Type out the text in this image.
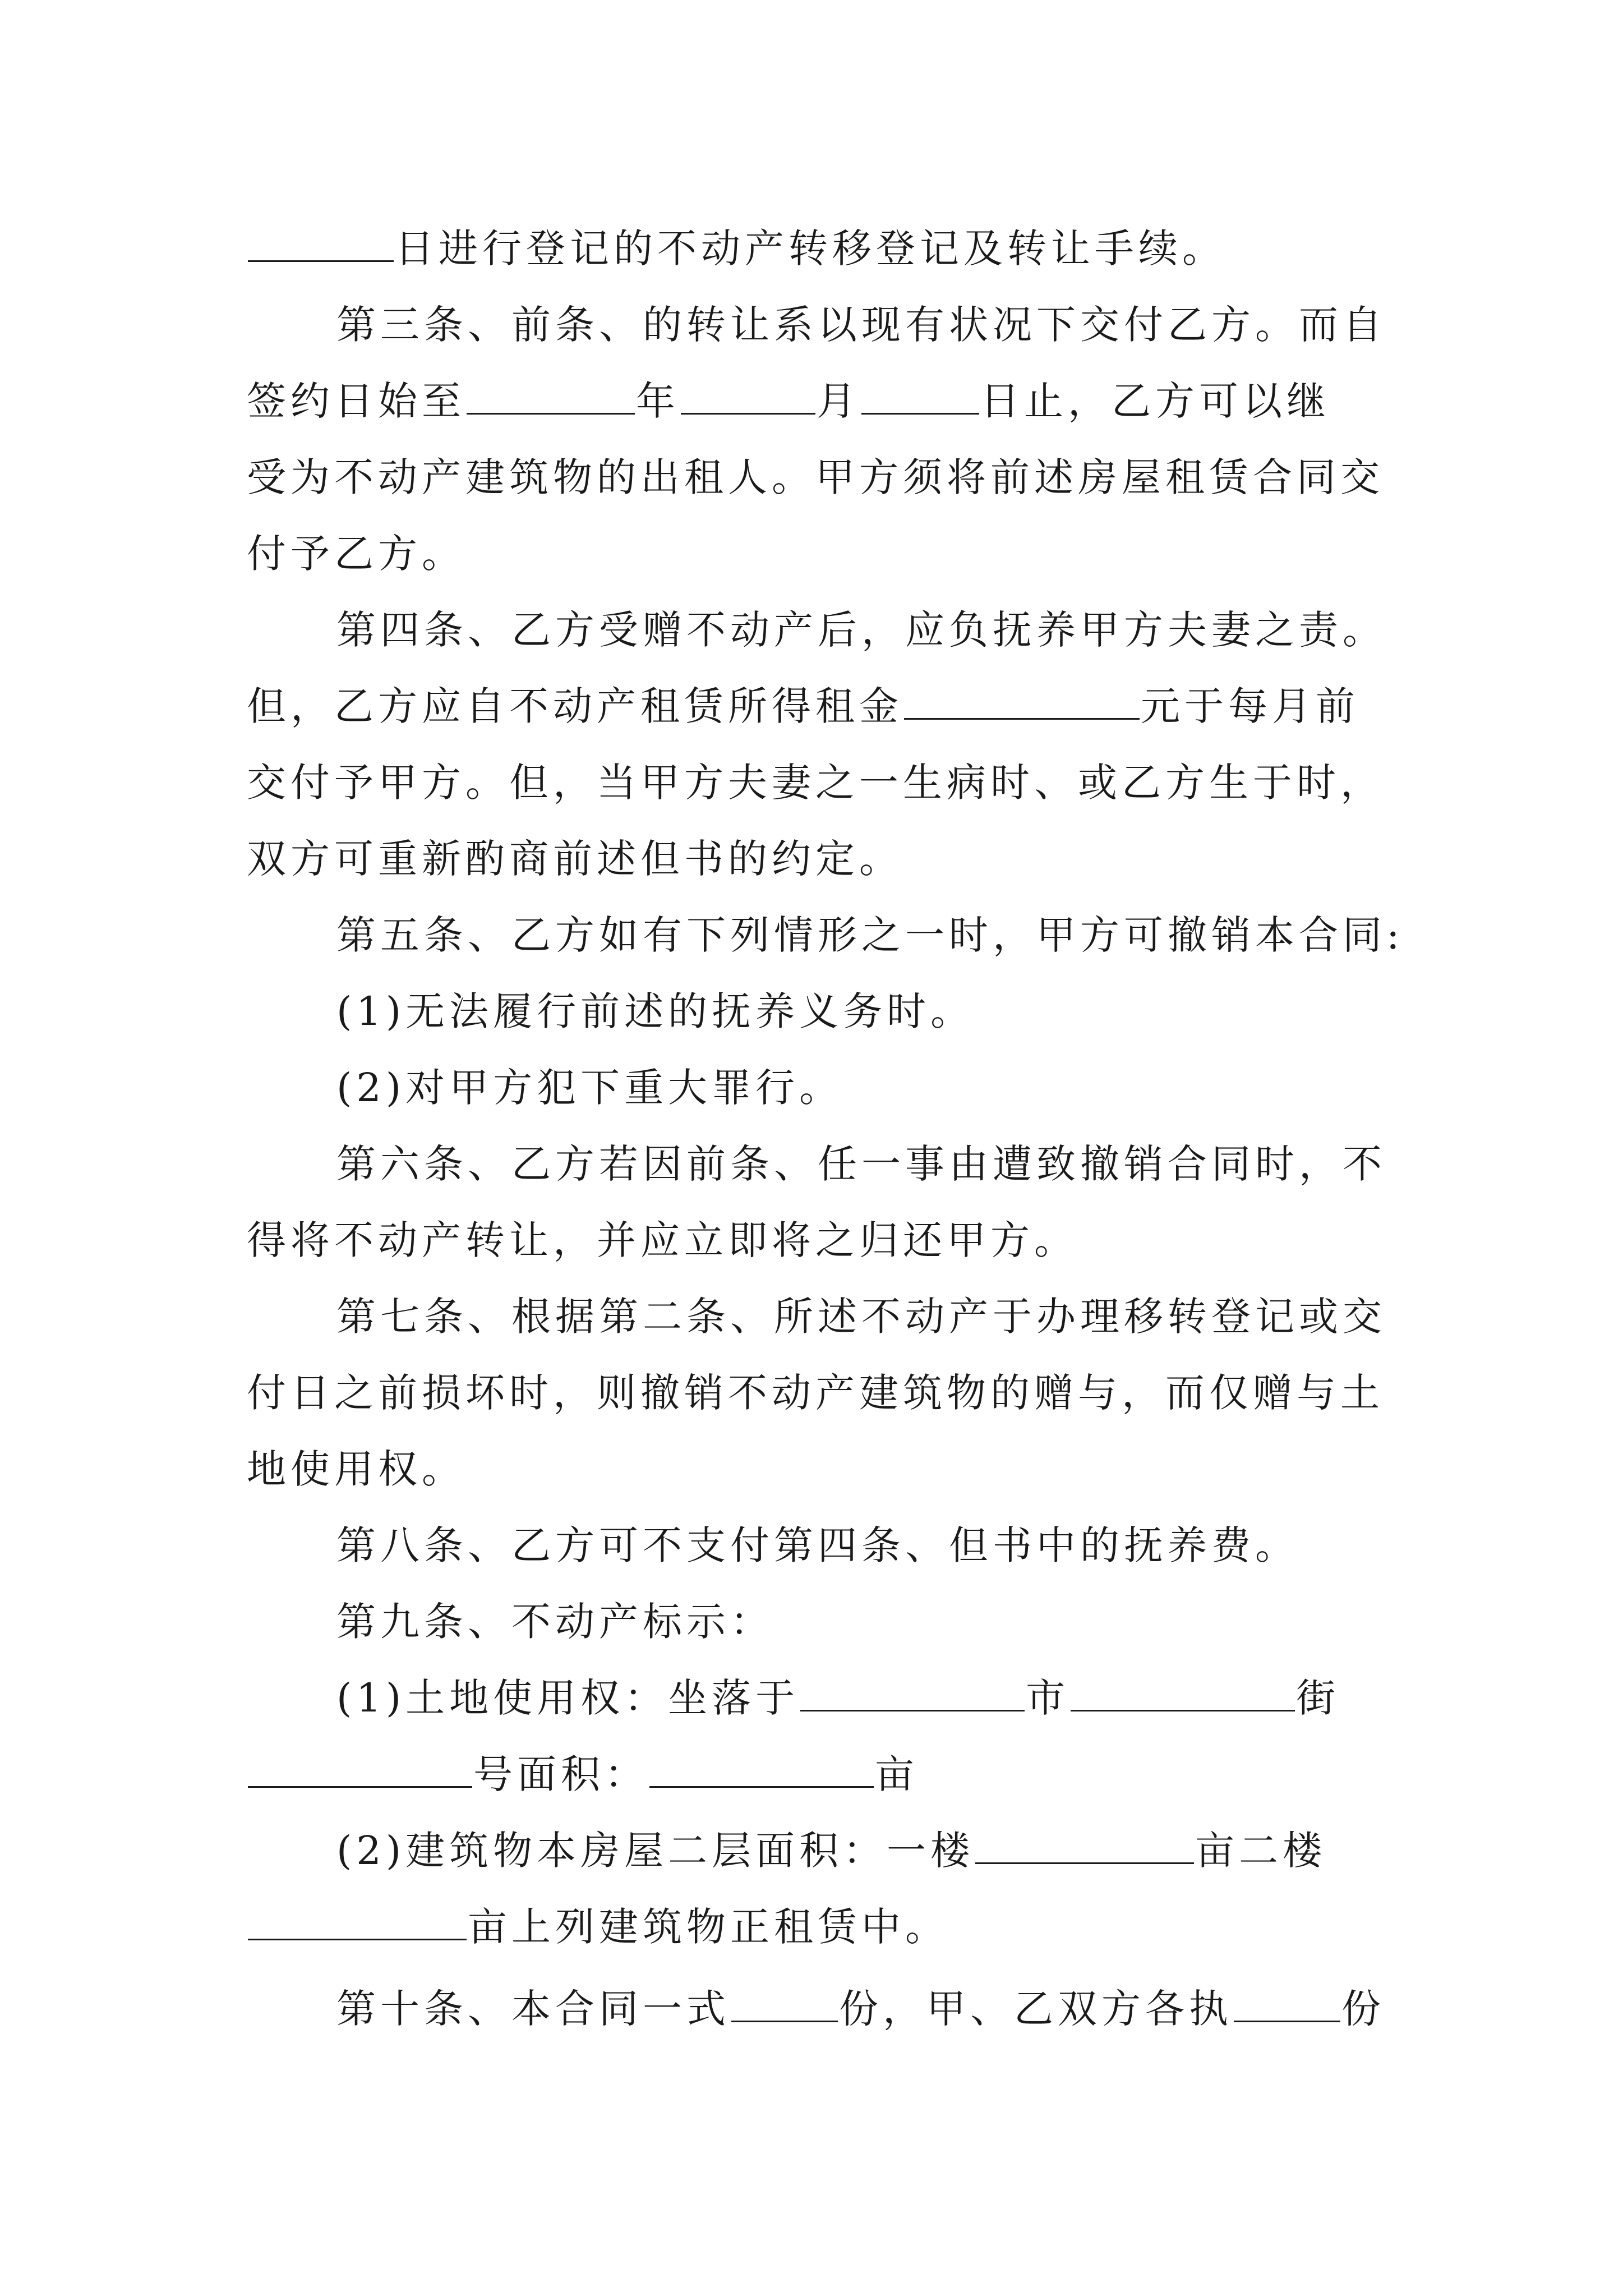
日进行登记的不动产转移登记及转让手续。
第三条、前条、的转让系以现有状况下交付乙方。而自
签约日始至	年	月	日止，乙方可以继
受为不动产建筑物的出租人。甲方须将前述房屋租赁合同交
付予乙方。
第四条、乙方受赠不动产后，应负抚养甲方夫妻之责。
但，乙方应自不动产租赁所得租金	元于每月前
交付予甲方。但，当甲方夫妻之一生病时、或乙方生于时，
双方可重新酌商前述但书的约定。
第五条、乙方如有下列情形之一时，甲方可撤销本合同:
(1)无法履行前述的抚养义务时。
(2)对甲方犯下重大罪行。
第六条、乙方若因前条、任一事由遭致撤销合同时，不
得将不动产转让，并应立即将之归还甲方。
第七条、根据第二条、所述不动产于办理移转登记或交
付日之前损坏时，则撤销不动产建筑物的赠与，而仅赠与土
地使用权。
第八条、乙方可不支付第四条、但书中的抚养费。
第九条、不动产标示：
(1)土地使用权：坐落于	市	街
号面积：	亩
(2)建筑物本房屋二层面积：一楼	亩二楼
亩上列建筑物正租赁中。
第十条、本合同一式	份，甲、乙双方各执	份
